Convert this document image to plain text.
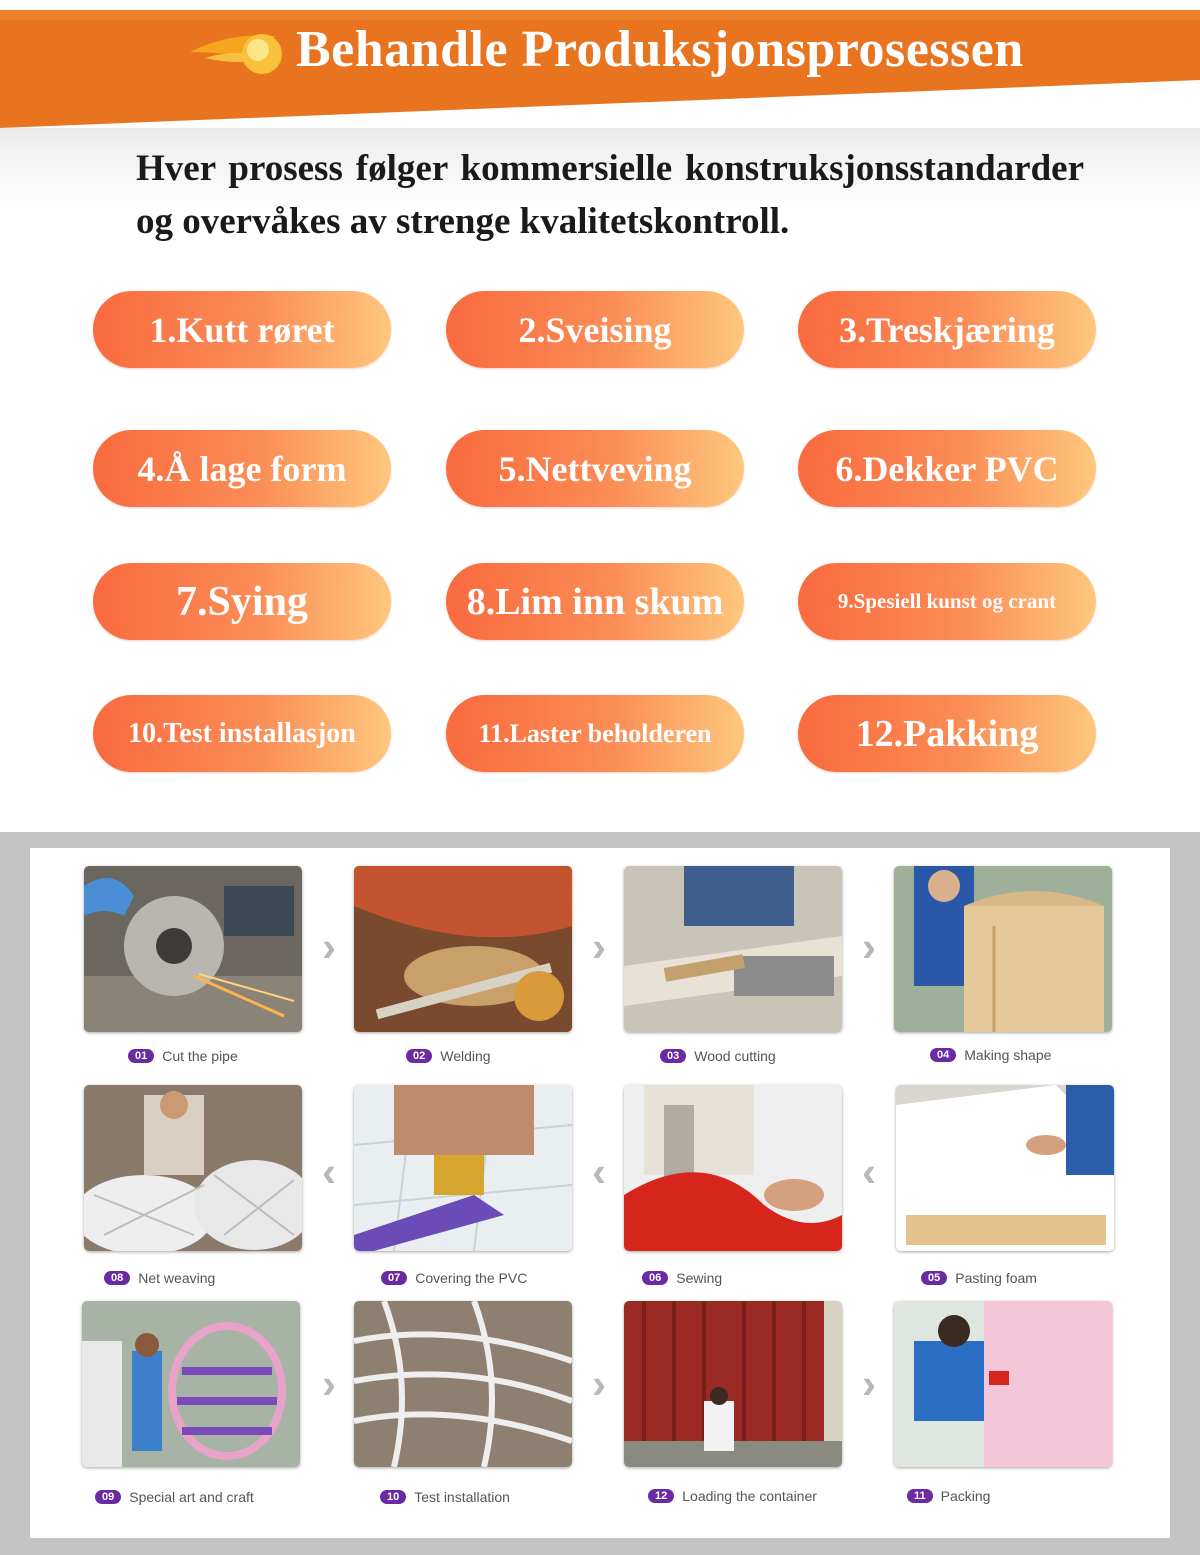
Behandle Produksjonsprosessen
Hver prosess følger kommersielle konstruksjonsstandarder og overvåkes av strenge kvalitetskontroll.
1.Kutt røret	2.Sveising	3.Treskjæring
4.Å lage form	5.Nettveving	6.Dekker PVC
7.Sying	8.Lim inn skum	9.Spesiell kunst og crant
10.Test installasjon	11.Laster beholderen	12.Pakking
›	›	›
01	Cut the pipe	02	Welding	03	Wood cutting	04	Making shape
‹	‹	‹
08	Net weaving	07	Covering the PVC	06	Sewing	05	Pasting foam
›	›	›
09	Special art and craft	10	Test installation	12	Loading the container	11	Packing
